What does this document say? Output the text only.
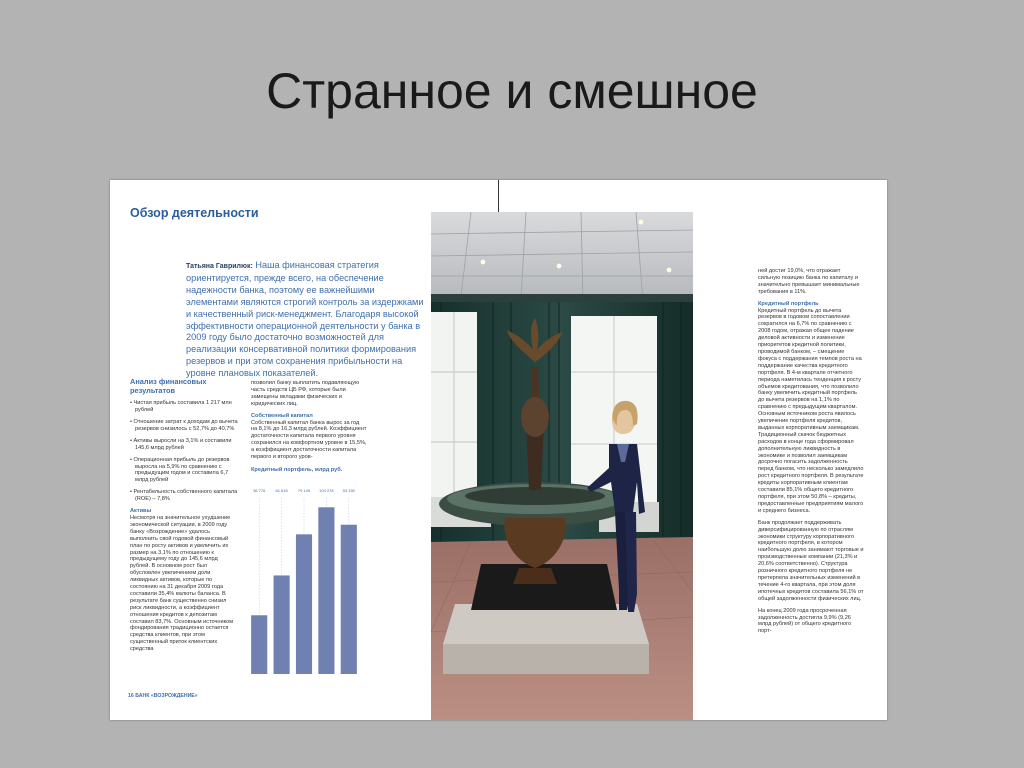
Странное и смешное
Обзор деятельности
Татьяна Гаврилюк: Наша финансовая стратегия ориентируется, прежде всего, на обеспечение надежности банка, поэтому ее важнейшими элементами являются строгий контроль за издержками и качественный риск-менеджмент. Благодаря высокой эффективности операционной деятельности у банка в 2009 году было достаточно возможностей для реализации консервативной политики формирования резервов и при этом сохранения прибыльности на уровне плановых показателей.
Анализ финансовых результатов
• Чистая прибыль составила 1 217 млн рублей
• Отношение затрат к доходам до вычета резервов снизилось с 52,7% до 40,7%
• Активы выросли на 3,1% и составили 145,6 млрд рублей
• Операционная прибыль до резервов выросла на 5,9% по сравнению с предыдущим годом и составила 6,7 млрд рублей
• Рентабельность собственного капитала (ROE) – 7,8%
Активы
Несмотря на значительное ухудшение экономической ситуации, в 2009 году банку «Возрождение» удалось выполнить свой годовой финансовый план по росту активов и увеличить их размер на 3,1% по отношению к предыдущему году до 145,6 млрд рублей. В основном рост был обусловлен увеличением доли ликвидных активов, которые по состоянию на 31 декабря 2009 года составили 35,4% валюты баланса. В результате банк существенно снизил риск ликвидности, а коэффициент отношения кредитов к депозитам составил 83,7%. Основным источником фондирования традиционно остается средства клиентов, при этом существенный приток клиентских средства
позволил банку выплатить подавляющую часть средств ЦБ РФ, которые были замещены вкладами физических и юридических лиц.
Собственный капитал
Собственный капитал банка вырос за год на 8,1% до 16,3 млрд рублей. Коэффициент достаточности капитала первого уровня сохранился на комфортном уровне в 15,5%, а коэффициент достаточности капитала первого и второго уров-
Кредитный портфель, млрд руб.
36 776	61 616	79 149 104 278 93 330
2009
16 БАНК «ВОЗРОЖДЕНИЕ»
ней достиг 19,0%, что отражает сильную позицию банка по капиталу и значительно превышает минимальные требования в 11%.
Кредитный портфель
Кредитный портфель до вычета резервов в годовом сопоставлении сократился на 6,7% по сравнению с 2008 годом, отражая общее падение деловой активности и изменение приоритетов кредитной политики, проводимой банком, – смещение фокуса с поддержания темпов роста на поддержание качества кредитного портфеля. В 4-м квартале отчетного периода наметилась тенденция к росту объемов кредитования, что позволило банку увеличить кредитный портфель до вычета резервов на 1,1% по сравнению с предыдущим кварталом. Основным источником роста явилось увеличение портфеля кредитов, выданных корпоративным заемщикам. Традиционный скачок бюджетных расходов в конце года сформировал дополнительную ликвидность в экономике и позволил заемщикам досрочно погасить задолженность перед банком, что несколько замедлило рост кредитного портфеля. В результате кредиты корпоративным клиентам составили 85,1% общего кредитного портфеля, при этом 50,8% – кредиты, предоставленные предприятиям малого и среднего бизнеса.
Банк продолжает поддерживать диверсифицированную по отраслям экономики структуру корпоративного кредитного портфеля, в котором наибольшую долю занимают торговые и производственные компании (21,3% и 20,6% соответственно). Структура розничного кредитного портфеля не претерпела значительных изменений в течение 4-го квартала, при этом доля ипотечных кредитов составила 56,1% от общей задолженности физических лиц.
На конец 2009 года просроченная задолженность достигла 9,9% (9,26 млрд рублей) от общего кредитного порт-
